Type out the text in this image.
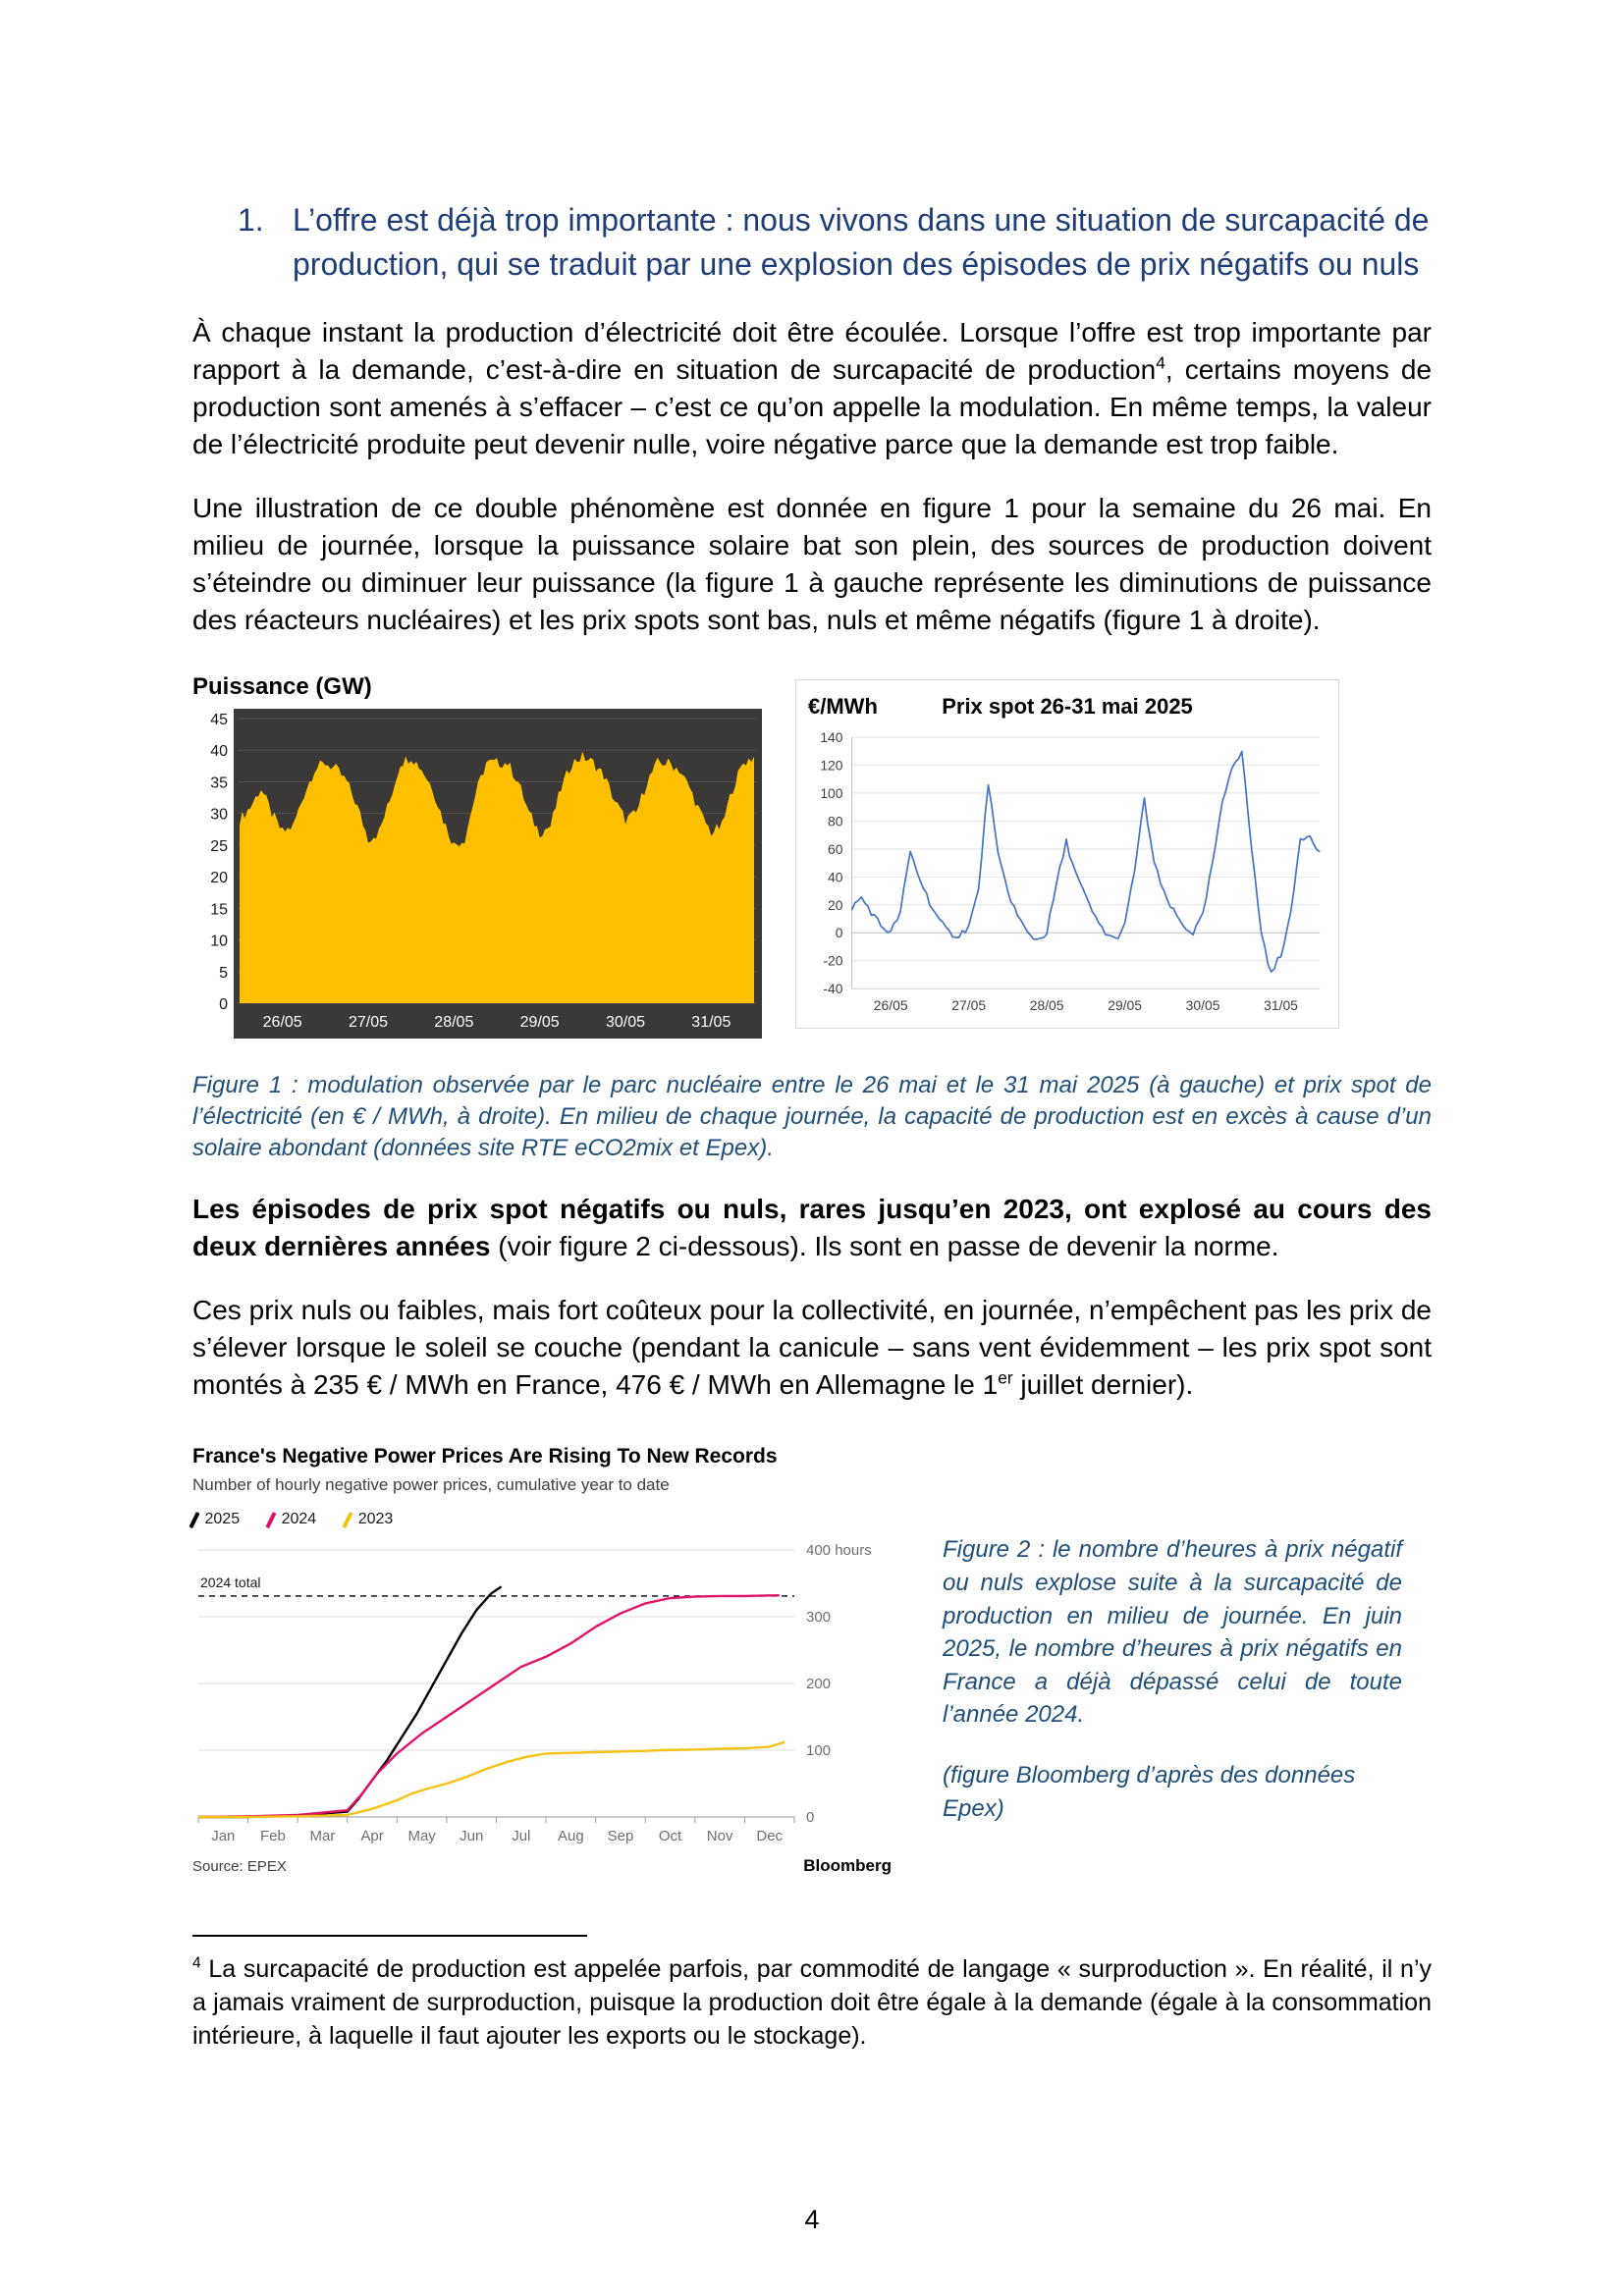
1. L’offre est déjà trop importante : nous vivons dans une situation de surcapacité de production, qui se traduit par une explosion des épisodes de prix négatifs ou nuls

À chaque instant la production d’électricité doit être écoulée. Lorsque l’offre est trop importante par rapport à la demande, c’est-à-dire en situation de surcapacité de production$^4$, certains moyens de production sont amenés à s’effacer – c’est ce qu’on appelle la modulation. En même temps, la valeur de l’électricité produite peut devenir nulle, voire négative parce que la demande est trop faible.

Une illustration de ce double phénomène est donnée en figure 1 pour la semaine du 26 mai. En milieu de journée, lorsque la puissance solaire bat son plein, des sources de production doivent s’éteindre ou diminuer leur puissance (la figure 1 à gauche représente les diminutions de puissance des réacteurs nucléaires) et les prix spots sont bas, nuls et même négatifs (figure 1 à droite).

Puissance (GW)
45
40
35
30
25
20
15
10
5
0
26/05	27/05	28/05	29/05	30/05	31/05
€/MWh	Prix spot 26-31 mai 2025
140
120
100
80
60
40
20
0
-20
-40
26/05	27/05	28/05	29/05	30/05	31/05

Figure 1 : modulation observée par le parc nucléaire entre le 26 mai et le 31 mai 2025 (à gauche) et prix spot de l’électricité (en € / MWh, à droite). En milieu de chaque journée, la capacité de production est en excès à cause d’un solaire abondant (données site RTE eCO2mix et Epex).

Les épisodes de prix spot négatifs ou nuls, rares jusqu’en 2023, ont explosé au cours des deux dernières années (voir figure 2 ci-dessous). Ils sont en passe de devenir la norme.

Ces prix nuls ou faibles, mais fort coûteux pour la collectivité, en journée, n’empêchent pas les prix de s’élever lorsque le soleil se couche (pendant la canicule – sans vent évidemment – les prix spot sont montés à 235 € / MWh en France, 476 € / MWh en Allemagne le 1er juillet dernier).

France's Negative Power Prices Are Rising To New Records
Number of hourly negative power prices, cumulative year to date
2025	2024	2023
400 hours
300
200
100
0
2024 total
Jan Feb Mar Apr May Jun Jul Aug Sep Oct Nov Dec
Source: EPEX	Bloomberg

Figure 2 : le nombre d’heures à prix négatif ou nuls explose suite à la surcapacité de production en milieu de journée. En juin 2025, le nombre d’heures à prix négatifs en France a déjà dépassé celui de toute l’année 2024.

(figure Bloomberg d’après des données Epex)

$^4$ La surcapacité de production est appelée parfois, par commodité de langage « surproduction ». En réalité, il n’y a jamais vraiment de surproduction, puisque la production doit être égale à la demande (égale à la consommation intérieure, à laquelle il faut ajouter les exports ou le stockage).

4
